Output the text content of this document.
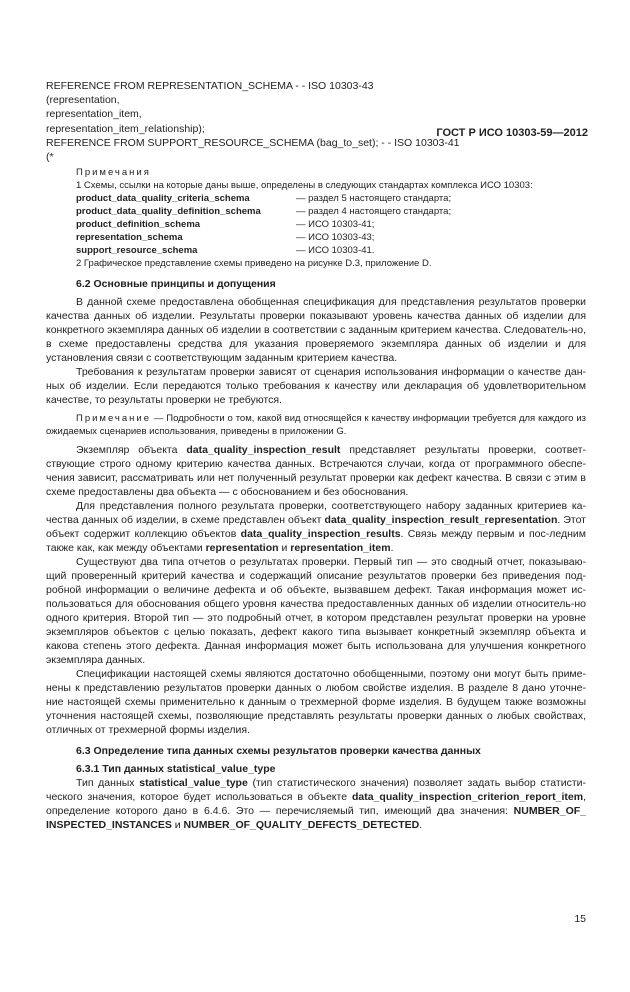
ГОСТ Р ИСО 10303-59—2012
REFERENCE FROM REPRESENTATION_SCHEMA - - ISO 10303-43
(representation,
representation_item,
representation_item_relationship);
REFERENCE FROM SUPPORT_RESOURCE_SCHEMA (bag_to_set); - - ISO 10303-41
(*
Примечания
1 Схемы, ссылки на которые даны выше, определены в следующих стандартах комплекса ИСО 10303:
product_data_quality_criteria_schema	— раздел 5 настоящего стандарта;
product_data_quality_definition_schema	— раздел 4 настоящего стандарта;
product_definition_schema	— ИСО 10303-41;
representation_schema	— ИСО 10303-43;
support_resource_schema	— ИСО 10303-41.
2 Графическое представление схемы приведено на рисунке D.3, приложение D.
6.2 Основные принципы и допущения

В данной схеме предоставлена обобщенная спецификация для представления результатов проверки качества данных об изделии. Результаты проверки показывают уровень качества данных об изделии для конкретного экземпляра данных об изделии в соответствии с заданным критерием качества. Следователь-но, в схеме предоставлены средства для указания проверяемого экземпляра данных об изделии и для установления связи с соответствующим заданным критерием качества.

Требования к результатам проверки зависят от сценария использования информации о качестве дан-ных об изделии. Если передаются только требования к качеству или декларация об удовлетворительном качестве, то результаты проверки не требуются.

Примечание — Подробности о том, какой вид относящейся к качеству информации требуется для каждого из ожидаемых сценариев использования, приведены в приложении G.

Экземпляр объекта data_quality_inspection_result представляет результаты проверки, соответ-ствующие строго одному критерию качества данных. Встречаются случаи, когда от программного обеспе-чения зависит, рассматривать или нет полученный результат проверки как дефект качества. В связи с этим в схеме предоставлены два объекта — с обоснованием и без обоснования.

Для представления полного результата проверки, соответствующего набору заданных критериев ка-чества данных об изделии, в схеме представлен объект data_quality_inspection_result_representation. Этот объект содержит коллекцию объектов data_quality_inspection_results. Связь между первым и пос-ледним также как, как между объектами representation и representation_item.

Существуют два типа отчетов о результатах проверки. Первый тип — это сводный отчет, показываю-щий проверенный критерий качества и содержащий описание результатов проверки без приведения под-робной информации о величине дефекта и об объекте, вызвавшем дефект. Такая информация может ис-пользоваться для обоснования общего уровня качества предоставленных данных об изделии относитель-но одного критерия. Второй тип — это подробный отчет, в котором представлен результат проверки на уровне экземпляров объектов с целью показать, дефект какого типа вызывает конкретный экземпляр объекта и какова степень этого дефекта. Данная информация может быть использована для улучшения конкретного экземпляра данных.

Спецификации настоящей схемы являются достаточно обобщенными, поэтому они могут быть приме-нены к представлению результатов проверки данных о любом свойстве изделия. В разделе 8 дано уточне-ние настоящей схемы применительно к данным о трехмерной форме изделия. В будущем также возможны уточнения настоящей схемы, позволяющие представлять результаты проверки данных о любых свойствах, отличных от трехмерной формы изделия.

6.3 Определение типа данных схемы результатов проверки качества данных
6.3.1 Тип данных statistical_value_type

Тип данных statistical_value_type (тип статистического значения) позволяет задать выбор статисти-ческого значения, которое будет использоваться в объекте data_quality_inspection_criterion_report_item, определение которого дано в 6.4.6. Это — перечисляемый тип, имеющий два значения: NUMBER_OF_ INSPECTED_INSTANCES и NUMBER_OF_QUALITY_DEFECTS_DETECTED.

15
